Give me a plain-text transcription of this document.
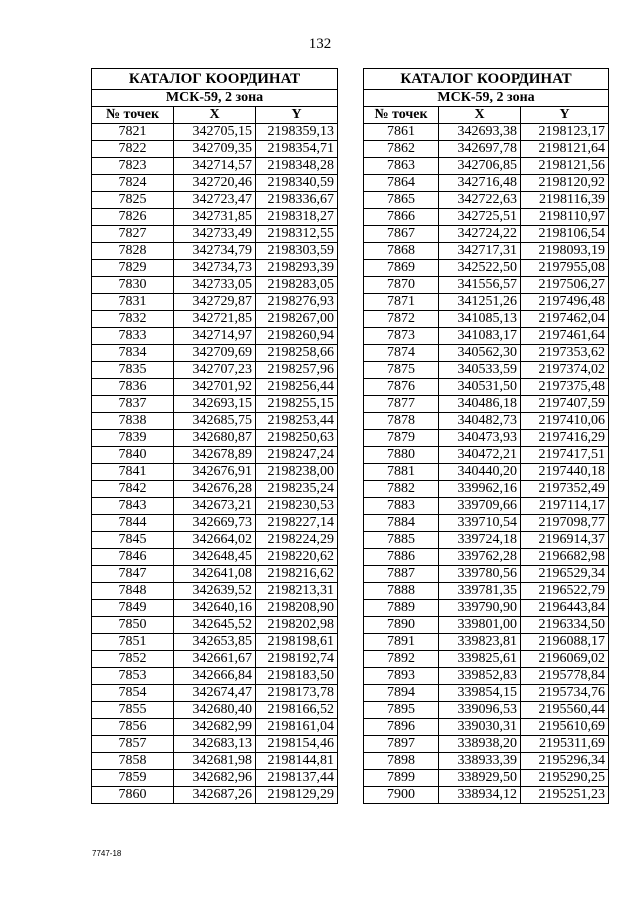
132
КАТАЛОГ КООРДИНАТ		
МСК-59, 2 зона		
№ точек	X	Y
7821	342705,15	2198359,13
7822	342709,35	2198354,71
7823	342714,57	2198348,28
7824	342720,46	2198340,59
7825	342723,47	2198336,67
7826	342731,85	2198318,27
7827	342733,49	2198312,55
7828	342734,79	2198303,59
7829	342734,73	2198293,39
7830	342733,05	2198283,05
7831	342729,87	2198276,93
7832	342721,85	2198267,00
7833	342714,97	2198260,94
7834	342709,69	2198258,66
7835	342707,23	2198257,96
7836	342701,92	2198256,44
7837	342693,15	2198255,15
7838	342685,75	2198253,44
7839	342680,87	2198250,63
7840	342678,89	2198247,24
7841	342676,91	2198238,00
7842	342676,28	2198235,24
7843	342673,21	2198230,53
7844	342669,73	2198227,14
7845	342664,02	2198224,29
7846	342648,45	2198220,62
7847	342641,08	2198216,62
7848	342639,52	2198213,31
7849	342640,16	2198208,90
7850	342645,52	2198202,98
7851	342653,85	2198198,61
7852	342661,67	2198192,74
7853	342666,84	2198183,50
7854	342674,47	2198173,78
7855	342680,40	2198166,52
7856	342682,99	2198161,04
7857	342683,13	2198154,46
7858	342681,98	2198144,81
7859	342682,96	2198137,44
7860	342687,26	2198129,29
КАТАЛОГ КООРДИНАТ		
МСК-59, 2 зона		
№ точек	X	Y
7861	342693,38	2198123,17
7862	342697,78	2198121,64
7863	342706,85	2198121,56
7864	342716,48	2198120,92
7865	342722,63	2198116,39
7866	342725,51	2198110,97
7867	342724,22	2198106,54
7868	342717,31	2198093,19
7869	342522,50	2197955,08
7870	341556,57	2197506,27
7871	341251,26	2197496,48
7872	341085,13	2197462,04
7873	341083,17	2197461,64
7874	340562,30	2197353,62
7875	340533,59	2197374,02
7876	340531,50	2197375,48
7877	340486,18	2197407,59
7878	340482,73	2197410,06
7879	340473,93	2197416,29
7880	340472,21	2197417,51
7881	340440,20	2197440,18
7882	339962,16	2197352,49
7883	339709,66	2197114,17
7884	339710,54	2197098,77
7885	339724,18	2196914,37
7886	339762,28	2196682,98
7887	339780,56	2196529,34
7888	339781,35	2196522,79
7889	339790,90	2196443,84
7890	339801,00	2196334,50
7891	339823,81	2196088,17
7892	339825,61	2196069,02
7893	339852,83	2195778,84
7894	339854,15	2195734,76
7895	339096,53	2195560,44
7896	339030,31	2195610,69
7897	338938,20	2195311,69
7898	338933,39	2195296,34
7899	338929,50	2195290,25
7900	338934,12	2195251,23
7747-18
